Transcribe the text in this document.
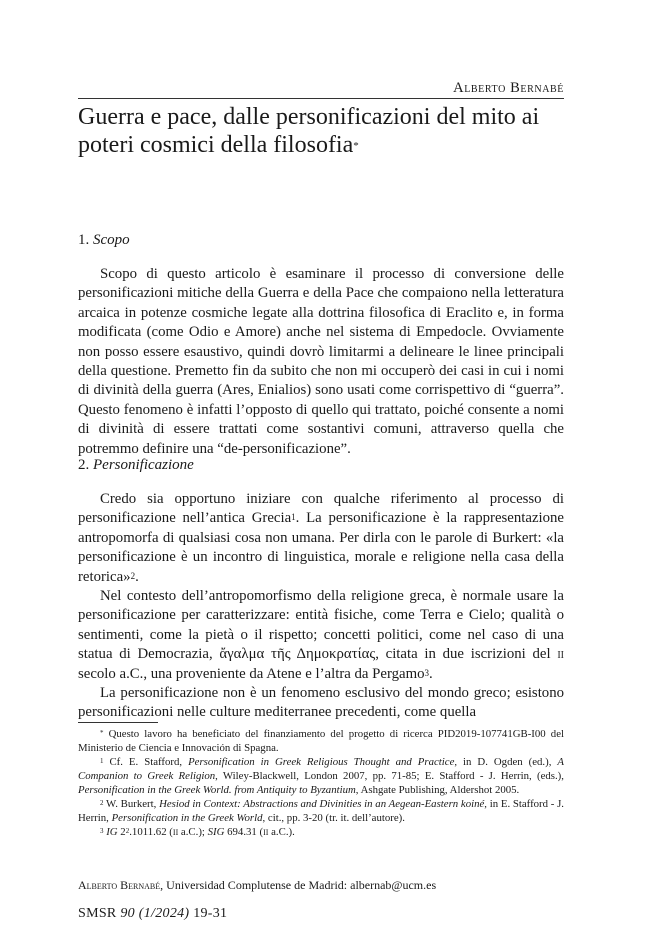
Alberto Bernabé
Guerra e pace, dalle personificazioni del mito ai poteri cosmici della filosofia*
1. Scopo

Scopo di questo articolo è esaminare il processo di conversione delle personificazioni mitiche della Guerra e della Pace che compaiono nella letteratura arcaica in potenze cosmiche legate alla dottrina filosofica di Eraclito e, in forma modificata (come Odio e Amore) anche nel sistema di Empedocle. Ovviamente non posso essere esaustivo, quindi dovrò limitarmi a delineare le linee principali della questione. Premetto fin da subito che non mi occuperò dei casi in cui i nomi di divinità della guerra (Ares, Enialios) sono usati come corrispettivo di “guerra”. Questo fenomeno è infatti l’opposto di quello qui trattato, poiché consente a nomi di divinità di essere trattati come sostantivi comuni, attraverso quella che potremmo definire una “de-personificazione”.

2. Personificazione

Credo sia opportuno iniziare con qualche riferimento al processo di personificazione nell’antica Grecia$^1$. La personificazione è la rappresentazione antropomorfa di qualsiasi cosa non umana. Per dirla con le parole di Burkert: «la personificazione è un incontro di linguistica, morale e religione nella casa della retorica»$^2$.

Nel contesto dell’antropomorfismo della religione greca, è normale usare la personificazione per caratterizzare: entità fisiche, come Terra e Cielo; qualità o sentimenti, come la pietà o il rispetto; concetti politici, come nel caso di una statua di Democrazia, ἄγαλμα τῆς Δημοκρατίας, citata in due iscrizioni del ii secolo a.C., una proveniente da Atene e l’altra da Pergamo$^3$.

La personificazione non è un fenomeno esclusivo del mondo greco; esistono personificazioni nelle culture mediterranee precedenti, come quella

* Questo lavoro ha beneficiato del finanziamento del progetto di ricerca PID2019-107741GB-I00 del Ministerio de Ciencia e Innovación di Spagna.

$^1$ Cf. E. Stafford, Personification in Greek Religious Thought and Practice, in D. Ogden (ed.), A Companion to Greek Religion, Wiley-Blackwell, London 2007, pp. 71-85; E. Stafford - J. Herrin, (eds.), Personification in the Greek World. from Antiquity to Byzantium, Ashgate Publishing, Aldershot 2005.

$^2$ W. Burkert, Hesiod in Context: Abstractions and Divinities in an Aegean-Eastern koiné, in E. Stafford - J. Herrin, Personification in the Greek World, cit., pp. 3-20 (tr. it. dell’autore).

$^3$ IG $2^2.1011.62$ (ii a.C.); SIG 694.31 (ii a.C.).

Alberto Bernabé, Universidad Complutense de Madrid: albernab@ucm.es
SMSR 90 (1/2024) 19-31
